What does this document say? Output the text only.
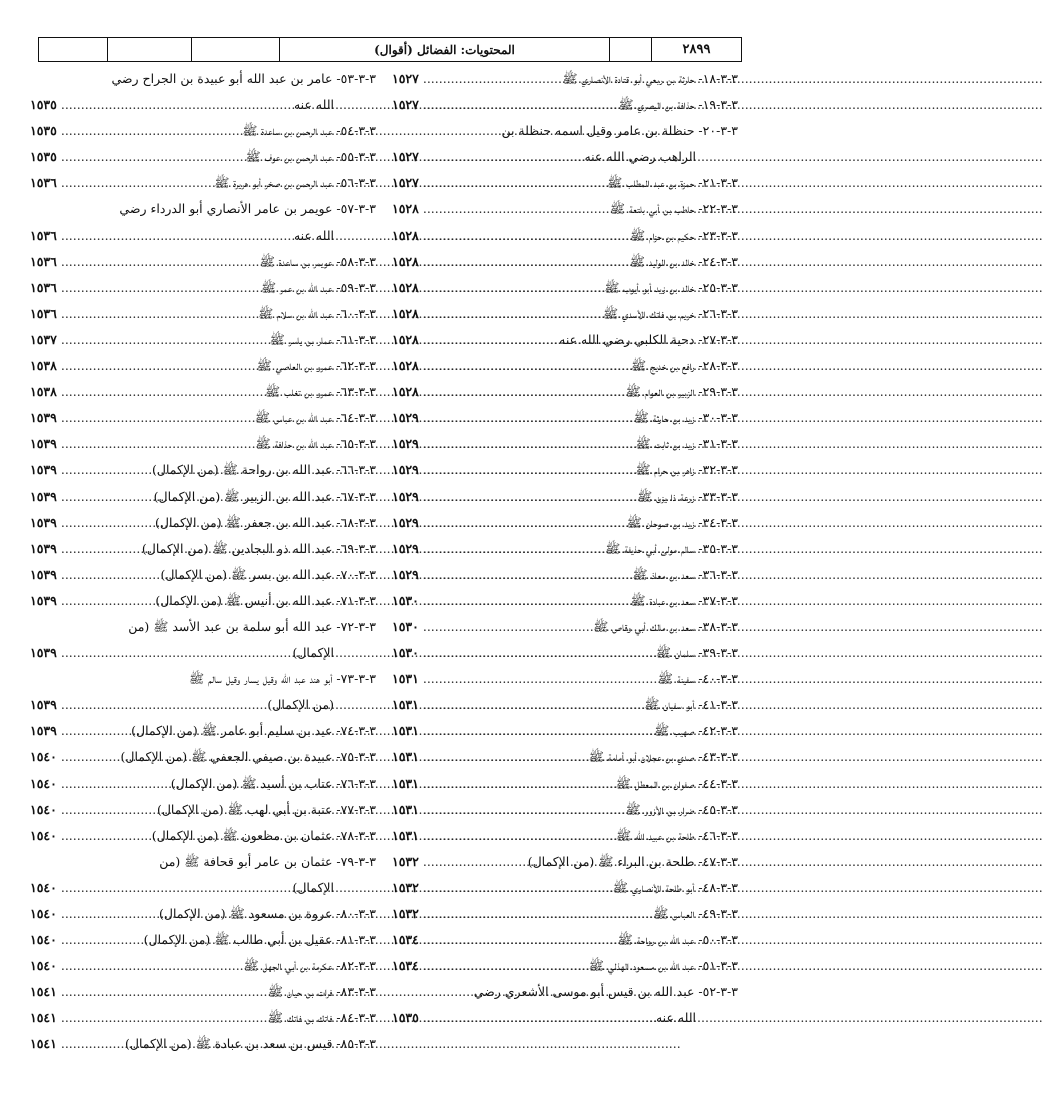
٢٨٩٩
المحتويات: الفضائل (أقوال)
٣-٣-١٨- حارثة بن ربعي أبو قتادة الأنصاري ﷺ
.....
١٥٢٧
٣-٣-١٩- حذافة بن اليصري ﷺ
.....
١٥٢٧
٣-٣-٢٠- حنظلة بن عامر وقيل اسمه حنظلة بن
الراهب رضي الله عنه
.....
١٥٢٧
٣-٣-٢١- حمزة بن عبد المطلب ﷺ
.....
١٥٢٧
٣-٣-٢٢- حاطب بن أبي بلتعة ﷺ
.....
١٥٢٨
٣-٣-٢٣- حكيم بن حزام ﷺ
.....
١٥٢٨
٣-٣-٢٤- خالد بن الوليد ﷺ
.....
١٥٢٨
٣-٣-٢٥- خالد بن زيد أبو أيوب ﷺ
.....
١٥٢٨
٣-٣-٢٦- خريم بن فاتك الأسدي ﷺ
.....
١٥٢٨
٣-٣-٢٧- دحية الكلبي رضي الله عنه
.....
١٥٢٨
٣-٣-٢٨- رافع بن خديج ﷺ
.....
١٥٢٨
٣-٣-٢٩- الزبير بن العوام ﷺ
.....
١٥٢٨
٣-٣-٣٠- زيد بن حارثة ﷺ
.....
١٥٢٩
٣-٣-٣١- زيد بن ثابت ﷺ
.....
١٥٢٩
٣-٣-٣٢- زاهر بن حرام ﷺ
.....
١٥٢٩
٣-٣-٣٣- زرعة ذا يزن ﷺ
.....
١٥٢٩
٣-٣-٣٤- زيد بن صوحان ﷺ
.....
١٥٢٩
٣-٣-٣٥- سالم مولى أبي حذيفة ﷺ
.....
١٥٢٩
٣-٣-٣٦- سعد بن معاذ ﷺ
.....
١٥٢٩
٣-٣-٣٧- سعد بن عبادة ﷺ
.....
١٥٣٠
٣-٣-٣٨- سعد بن مالك أبي وقاص ﷺ
.....
١٥٣٠
٣-٣-٣٩- سلمان ﷺ
.....
١٥٣٠
٣-٣-٤٠- سفينة ﷺ
.....
١٥٣١
٣-٣-٤١- أبو سفيان ﷺ
.....
١٥٣١
٣-٣-٤٢- صهيب ﷺ
.....
١٥٣١
٣-٣-٤٣- صدي بن عجلان أبو أمامة ﷺ
.....
١٥٣١
٣-٣-٤٤- صفوان بن المعطل ﷺ
.....
١٥٣١
٣-٣-٤٥- ضرار بن الأزور ﷺ
.....
١٥٣١
٣-٣-٤٦- طلحة بن عبيد الله ﷺ
.....
١٥٣١
٣-٣-٤٧- طلحة بن البراء ﷺ (من الإكمال)
.....
١٥٣٢
٣-٣-٤٨- أبو طلحة الأنصاري ﷺ
.....
١٥٣٢
٣-٣-٤٩- العباس ﷺ
.....
١٥٣٢
٣-٣-٥٠- عبد الله بن رواحة ﷺ
.....
١٥٣٤
٣-٣-٥١- عبد الله بن مسعود الهذلي ﷺ
.....
١٥٣٤
٣-٣-٥٢- عبد الله بن قيس أبو موسى الأشعري رضي
الله عنه
.....
١٥٣٥
٣-٣-٥٣- عامر بن عبد الله أبو عبيدة بن الجراح رضي
الله عنه
.....
١٥٣٥
٣-٣-٥٤- عبد الرحمن بن ساعدة ﷺ
.....
١٥٣٥
٣-٣-٥٥- عبد الرحمن بن عوف ﷺ
.....
١٥٣٥
٣-٣-٥٦- عبد الرحمن بن صخر أبو هريرة ﷺ
.....
١٥٣٦
٣-٣-٥٧- عويمر بن عامر الأنصاري أبو الدرداء رضي
الله عنه
.....
١٥٣٦
٣-٣-٥٨- عويمر بن ساعدة ﷺ
.....
١٥٣٦
٣-٣-٥٩- عبد الله بن عمر ﷺ
.....
١٥٣٦
٣-٣-٦٠- عبد الله بن سلام ﷺ
.....
١٥٣٦
٣-٣-٦١- عمار بن ياسر ﷺ
.....
١٥٣٧
٣-٣-٦٢- عمرو بن العاصي ﷺ
.....
١٥٣٨
٣-٣-٦٣- عمرو بن تغلب ﷺ
.....
١٥٣٨
٣-٣-٦٤- عبد الله بن عباس ﷺ
.....
١٥٣٩
٣-٣-٦٥- عبد الله بن حذافة ﷺ
.....
١٥٣٩
٣-٣-٦٦- عبد الله بن رواحة ﷺ (من الإكمال)
.....
١٥٣٩
٣-٣-٦٧- عبد الله بن الزبير ﷺ (من الإكمال)
.....
١٥٣٩
٣-٣-٦٨- عبد الله بن جعفر ﷺ (من الإكمال)
.....
١٥٣٩
٣-٣-٦٩- عبد الله ذو البجادين ﷺ (من الإكمال)
.....
١٥٣٩
٣-٣-٧٠- عبد الله بن بسر ﷺ (من الإكمال)
.....
١٥٣٩
٣-٣-٧١- عبد الله بن أنيس ﷺ (من الإكمال)
.....
١٥٣٩
٣-٣-٧٢- عبد الله أبو سلمة بن عبد الأسد ﷺ (من
الإكمال)
.....
١٥٣٩
٣-٣-٧٣- أبو هند عبد الله وقيل يسار وقيل سالم ﷺ
(من الإكمال)
.....
١٥٣٩
٣-٣-٧٤- عيد بن سليم أبو عامر ﷺ (من الإكمال)
.....
١٥٣٩
٣-٣-٧٥- عبيدة بن صيفي الجعفي ﷺ (من الإكمال)
.....
١٥٤٠
٣-٣-٧٦- عتاب بن أسيد ﷺ (من الإكمال)
.....
١٥٤٠
٣-٣-٧٧- عتبة بن أبي لهب ﷺ (من الإكمال)
.....
١٥٤٠
٣-٣-٧٨- عثمان بن مظعون ﷺ (من الإكمال)
.....
١٥٤٠
٣-٣-٧٩- عثمان بن عامر أبو قحافة ﷺ (من
الإكمال)
.....
١٥٤٠
٣-٣-٨٠- عروة بن مسعود ﷺ (من الإكمال)
.....
١٥٤٠
٣-٣-٨١- عقيل بن أبي طالب ﷺ (من الإكمال)
.....
١٥٤٠
٣-٣-٨٢- عكرمة بن أبي الجهل ﷺ
.....
١٥٤٠
٣-٣-٨٣- فرات بن حيان ﷺ
.....
١٥٤١
٣-٣-٨٤- فاتك بن فاتك ﷺ
.....
١٥٤١
٣-٣-٨٥- قيس بن سعد بن عبادة ﷺ (من الإكمال)
.....
١٥٤١
